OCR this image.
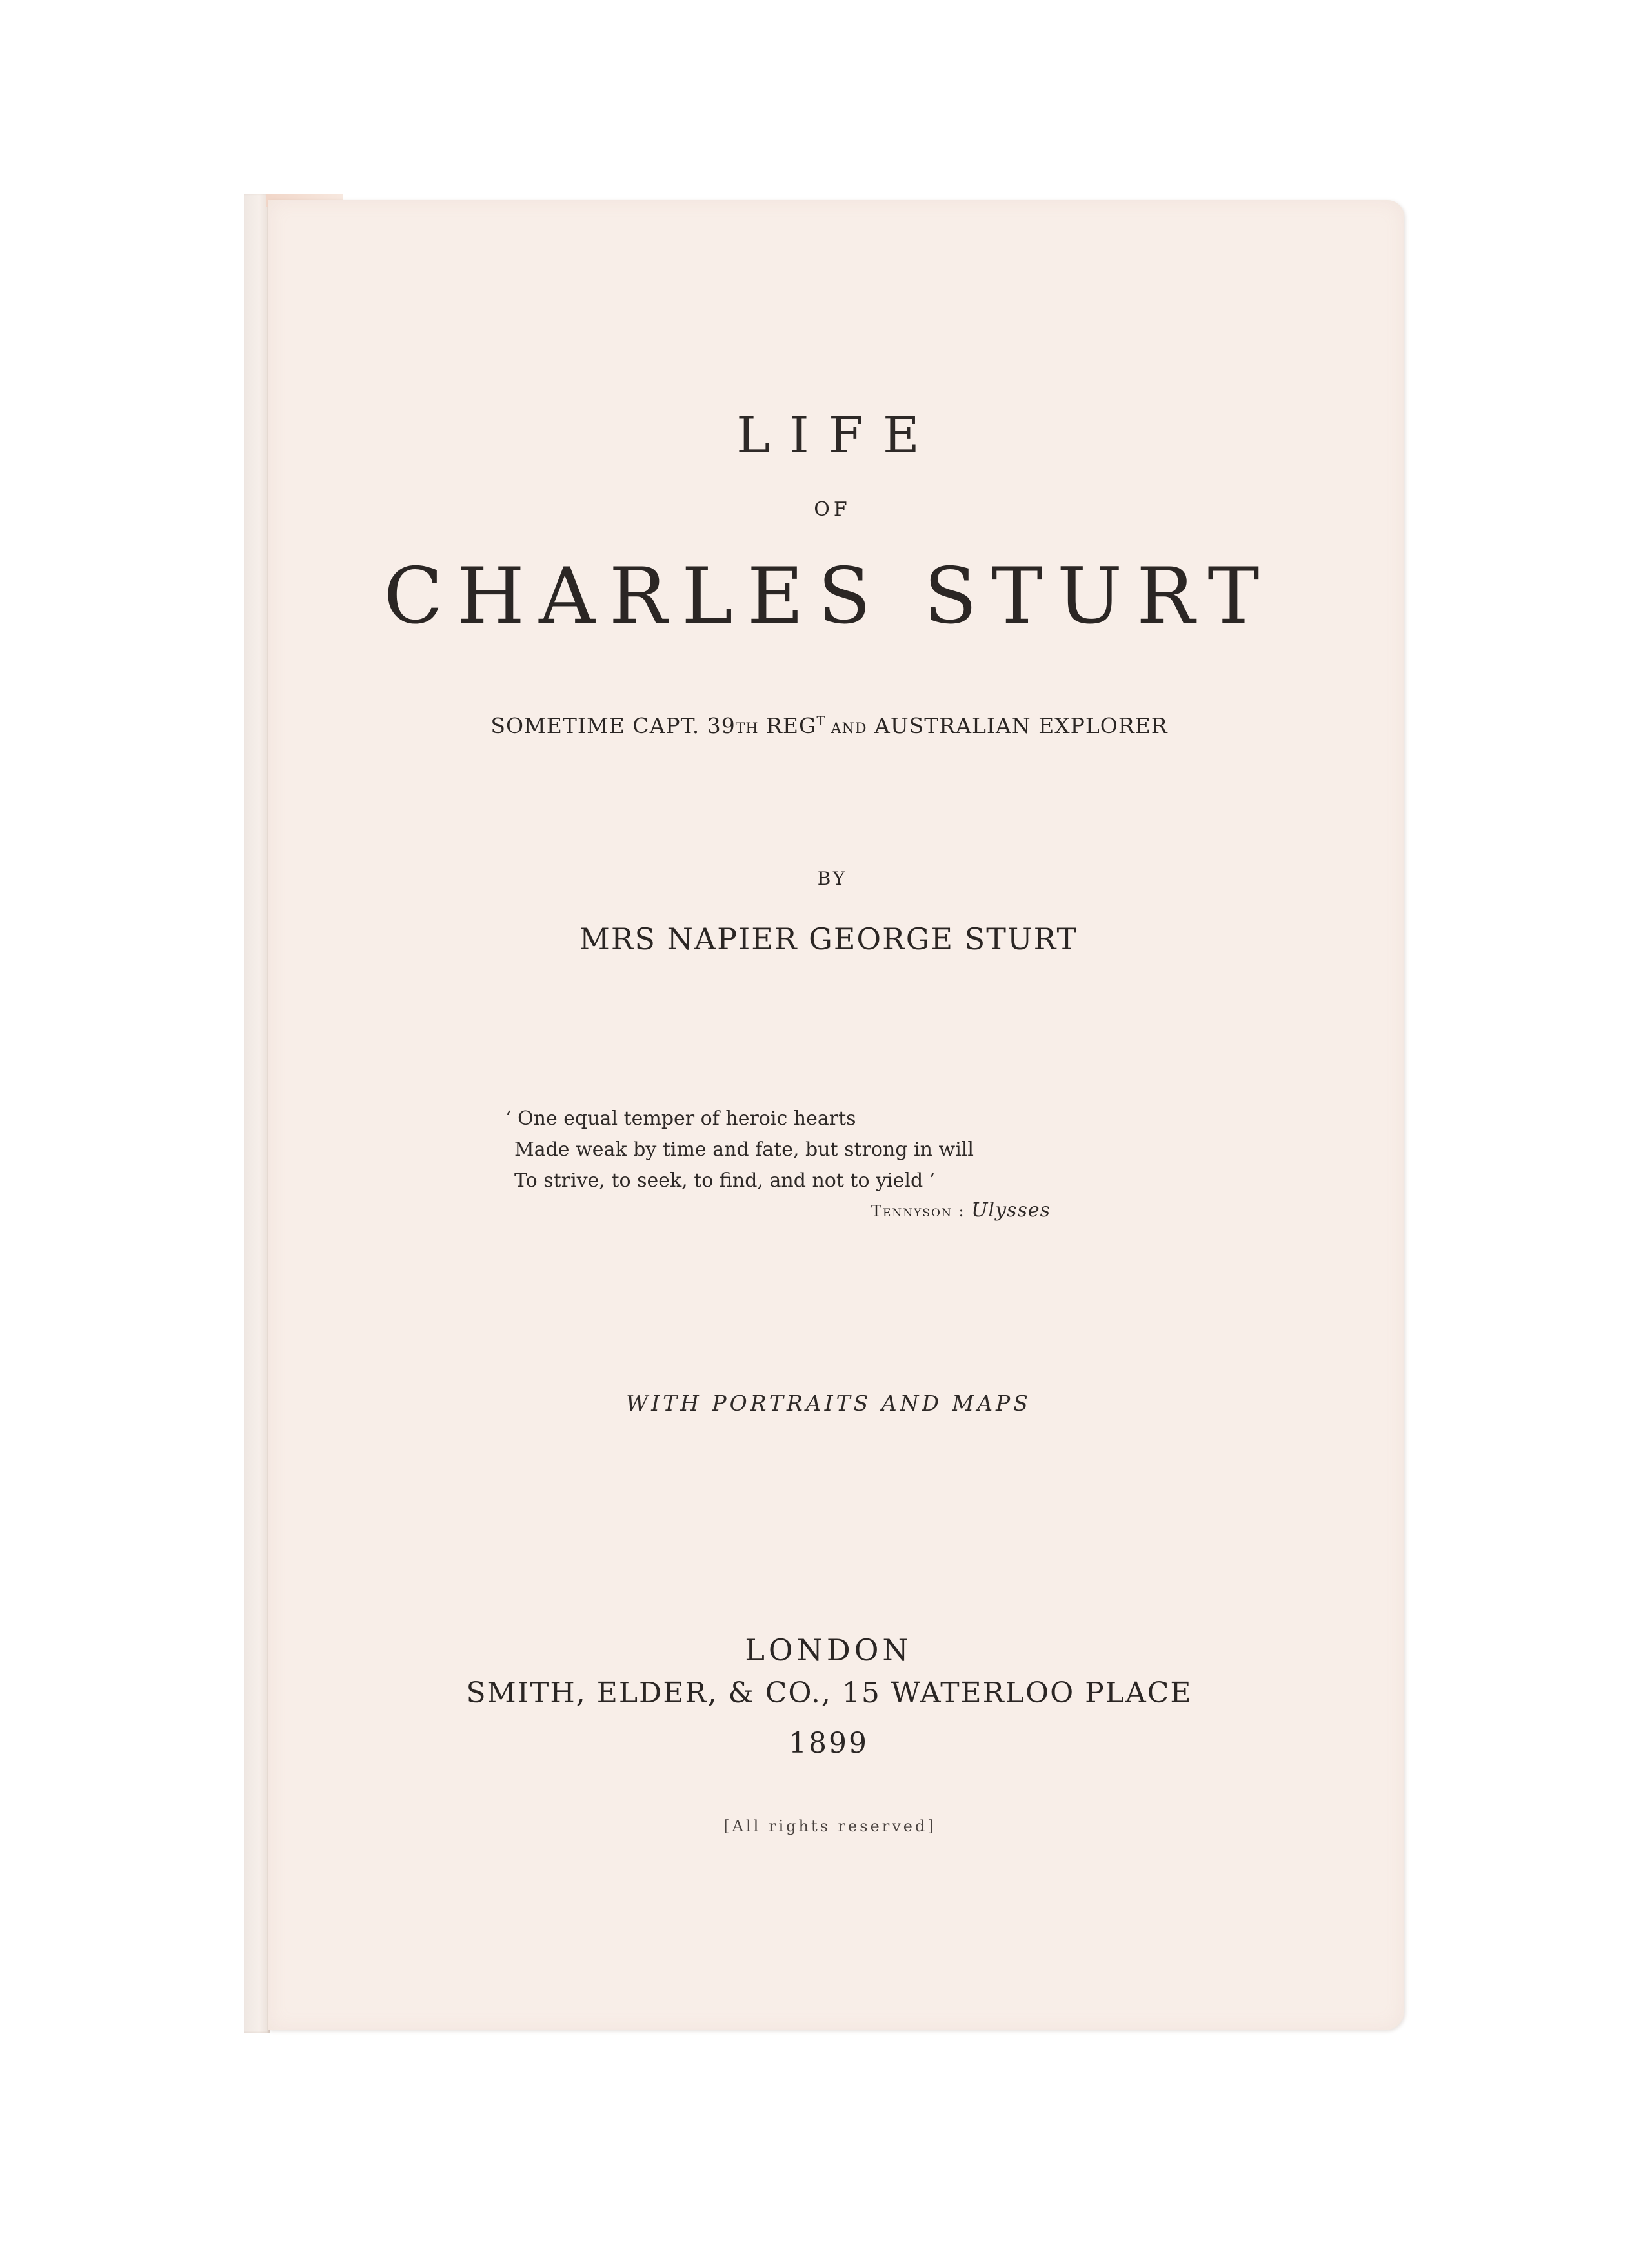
LIFE
OF
CHARLES STURT
SOMETIME CAPT. 39TH $REG^T$ AND AUSTRALIAN EXPLORER
BY
MRS NAPIER GEORGE STURT
‘ One equal temper of heroic hearts
Made weak by time and fate, but strong in will
To strive, to seek, to find, and not to yield ’
Tennyson : Ulysses
WITH PORTRAITS AND MAPS
LONDON
SMITH, ELDER, & CO., 15 WATERLOO PLACE
1899
[All rights reserved]
